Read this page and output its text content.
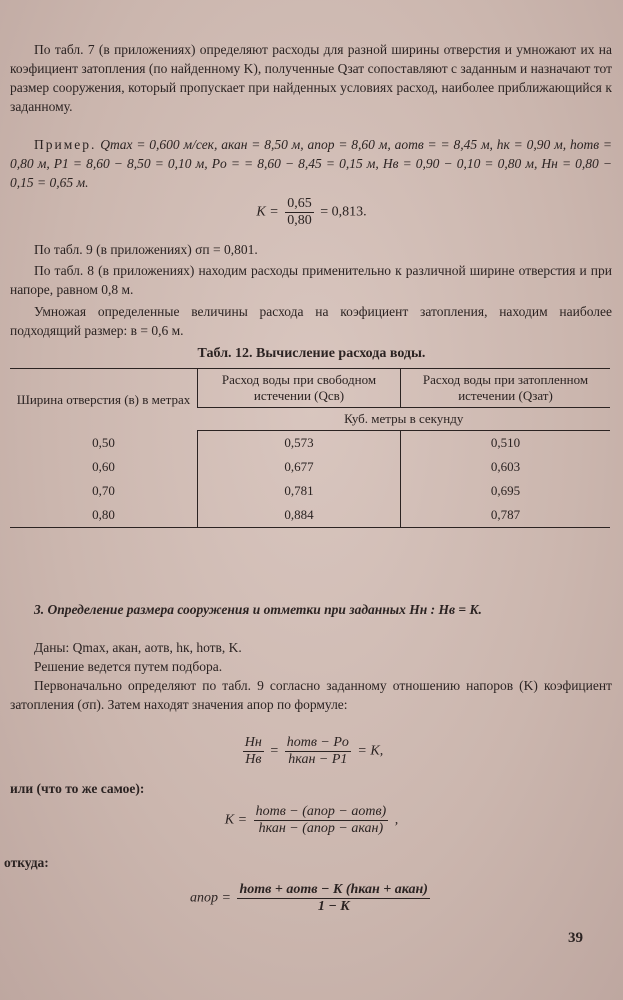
По табл. 7 (в приложениях) определяют расходы для разной ширины отверстия и умножают их на коэфициент затопления (по найденному K), полученные Qзат сопоставляют с заданным и назначают тот размер сооружения, который пропускает при найденных условиях расход, наиболее приближающийся к заданному.

Пример. Qmax = 0,600 м/сек, aкан = 8,50 м, aпор = 8,60 м, aотв = = 8,45 м, hк = 0,90 м, hотв = 0,80 м, P1 = 8,60 − 8,50 = 0,10 м, Po = = 8,60 − 8,45 = 0,15 м, Hв = 0,90 − 0,10 = 0,80 м, Hн = 0,80 − 0,15 = 0,65 м.

$K = \frac{0,65}{0,80} = 0,813$.

По табл. 9 (в приложениях) σп = 0,801.

По табл. 8 (в приложениях) находим расходы применительно к различной ширине отверстия и при напоре, равном 0,8 м.

Умножая определенные величины расхода на коэфициент затопления, находим наиболее подходящий размер: в = 0,6 м.

Табл. 12. Вычисление расхода воды.
Ширина отверстия (в) в метрах	Расход воды при свободном истечении (Qсв)	Расход воды при затопленном истечении (Qзат)
	Куб. метры в секунду	
0,50	0,573	0,510
0,60	0,677	0,603
0,70	0,781	0,695
0,80	0,884	0,787

3. Определение размера сооружения и отметки при заданных Hн : Hв = K.

Даны: Qmax, aкан, aотв, hк, hотв, K.

Решение ведется путем подбора.

Первоначально определяют по табл. 9 согласно заданному отношению напоров (K) коэфициент затопления (σп). Затем находят значения aпор по формуле:

$\frac{Hн}{Hв} = \frac{\text{hотв − Po}}{\text{hкан − P1}} = K$,

или (что то же самое):

$K = \frac{\text{hотв − (aпор − aотв)}}{\text{hкан − (aпор − aкан)}}$ ,

откуда:

aпор = $\frac{\text{hотв + aотв − K (hкан + aкан)}}{1 - K}$
39
